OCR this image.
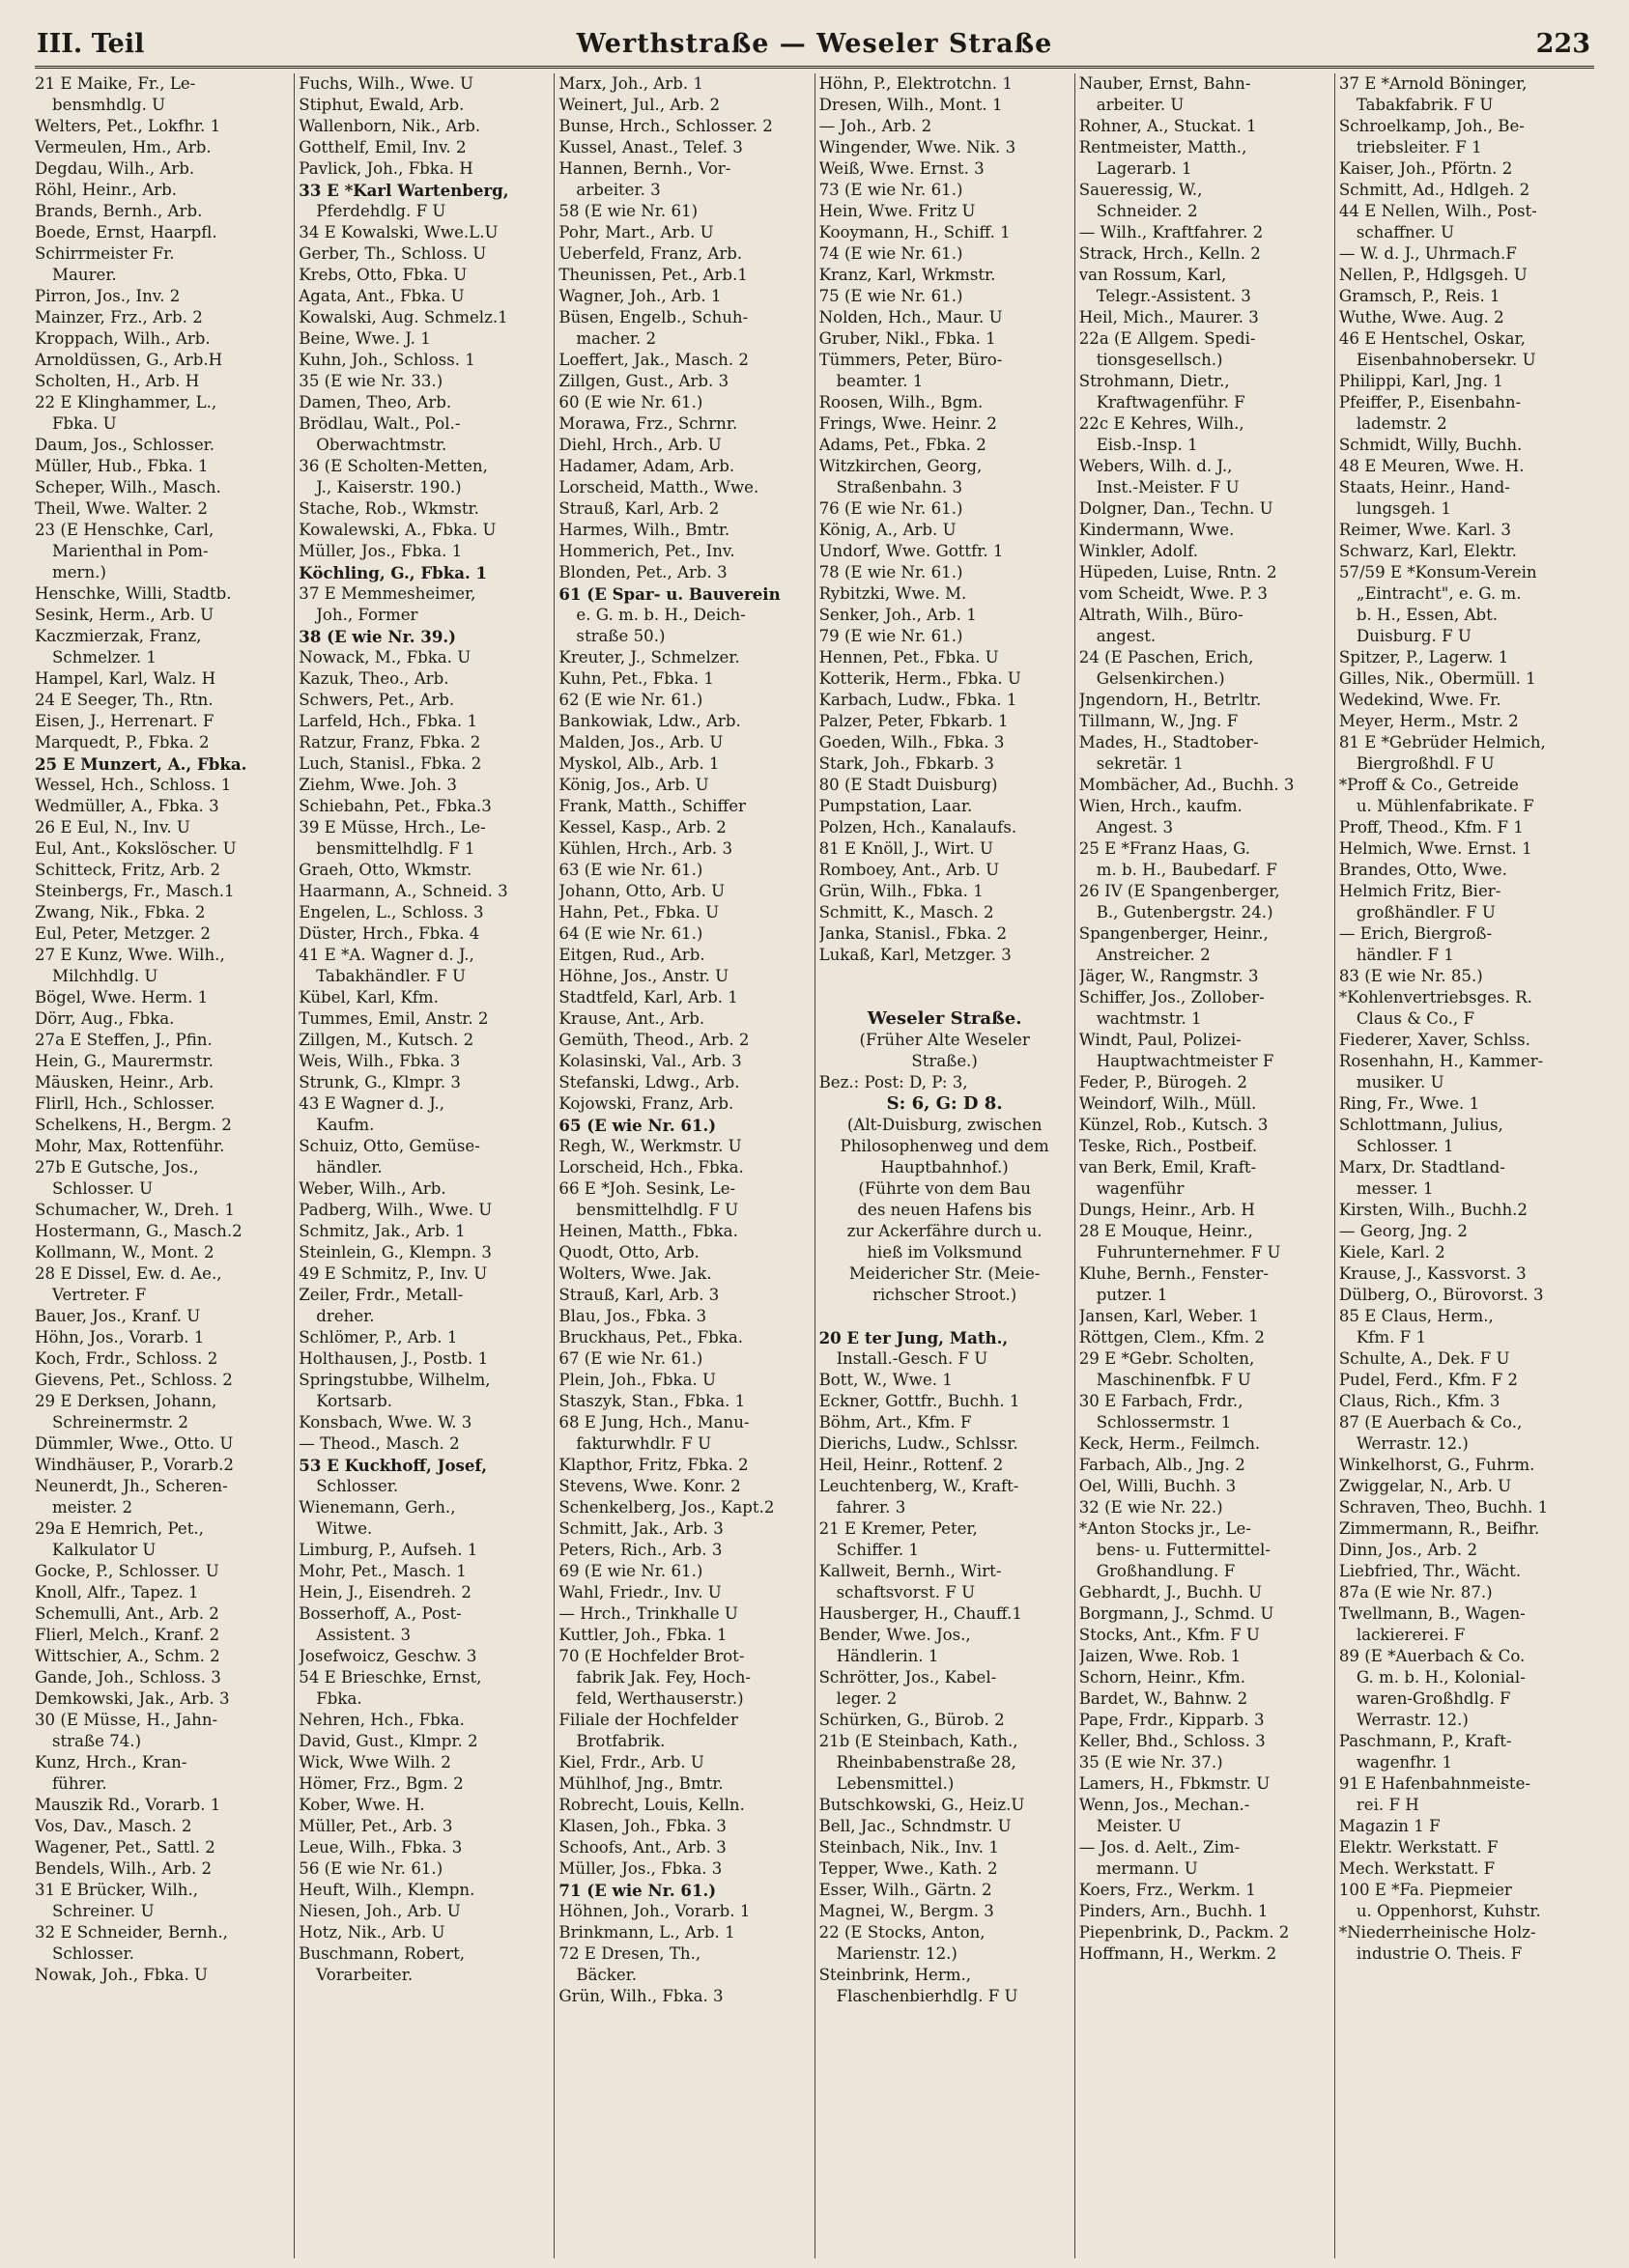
III. Teil	Werthstraße — Weseler Straße	223
21 E Maike, Fr., Le-
bensmhdlg. U
Welters, Pet., Lokfhr. 1
Vermeulen, Hm., Arb.
Degdau, Wilh., Arb.
Röhl, Heinr., Arb.
Brands, Bernh., Arb.
Boede, Ernst, Haarpfl.
Schirrmeister Fr.
Maurer.
Pirron, Jos., Inv. 2
Mainzer, Frz., Arb. 2
Kroppach, Wilh., Arb.
Arnoldüssen, G., Arb.H
Scholten, H., Arb. H
22 E Klinghammer, L.,
Fbka. U
Daum, Jos., Schlosser.
Müller, Hub., Fbka. 1
Scheper, Wilh., Masch.
Theil, Wwe. Walter. 2
23 (E Henschke, Carl,
Marienthal in Pom-
mern.)
Henschke, Willi, Stadtb.
Sesink, Herm., Arb. U
Kaczmierzak, Franz,
Schmelzer. 1
Hampel, Karl, Walz. H
24 E Seeger, Th., Rtn.
Eisen, J., Herrenart. F
Marquedt, P., Fbka. 2
25 E Munzert, A., Fbka.
Wessel, Hch., Schloss. 1
Wedmüller, A., Fbka. 3
26 E Eul, N., Inv. U
Eul, Ant., Kokslöscher. U
Schitteck, Fritz, Arb. 2
Steinbergs, Fr., Masch.1
Zwang, Nik., Fbka. 2
Eul, Peter, Metzger. 2
27 E Kunz, Wwe. Wilh.,
Milchhdlg. U
Bögel, Wwe. Herm. 1
Dörr, Aug., Fbka.
27a E Steffen, J., Pfin.
Hein, G., Maurermstr.
Mäusken, Heinr., Arb.
Flirll, Hch., Schlosser.
Schelkens, H., Bergm. 2
Mohr, Max, Rottenführ.
27b E Gutsche, Jos.,
Schlosser. U
Schumacher, W., Dreh. 1
Hostermann, G., Masch.2
Kollmann, W., Mont. 2
28 E Dissel, Ew. d. Ae.,
Vertreter. F
Bauer, Jos., Kranf. U
Höhn, Jos., Vorarb. 1
Koch, Frdr., Schloss. 2
Gievens, Pet., Schloss. 2
29 E Derksen, Johann,
Schreinermstr. 2
Dümmler, Wwe., Otto. U
Windhäuser, P., Vorarb.2
Neunerdt, Jh., Scheren-
meister. 2
29a E Hemrich, Pet.,
Kalkulator U
Gocke, P., Schlosser. U
Knoll, Alfr., Tapez. 1
Schemulli, Ant., Arb. 2
Flierl, Melch., Kranf. 2
Wittschier, A., Schm. 2
Gande, Joh., Schloss. 3
Demkowski, Jak., Arb. 3
30 (E Müsse, H., Jahn-
straße 74.)
Kunz, Hrch., Kran-
führer.
Mauszik Rd., Vorarb. 1
Vos, Dav., Masch. 2
Wagener, Pet., Sattl. 2
Bendels, Wilh., Arb. 2
31 E Brücker, Wilh.,
Schreiner. U
32 E Schneider, Bernh.,
Schlosser.
Nowak, Joh., Fbka. U
Fuchs, Wilh., Wwe. U
Stiphut, Ewald, Arb.
Wallenborn, Nik., Arb.
Gotthelf, Emil, Inv. 2
Pavlick, Joh., Fbka. H
33 E *Karl Wartenberg,
Pferdehdlg. F U
34 E Kowalski, Wwe.L.U
Gerber, Th., Schloss. U
Krebs, Otto, Fbka. U
Agata, Ant., Fbka. U
Kowalski, Aug. Schmelz.1
Beine, Wwe. J. 1
Kuhn, Joh., Schloss. 1
35 (E wie Nr. 33.)
Damen, Theo, Arb.
Brödlau, Walt., Pol.-
Oberwachtmstr.
36 (E Scholten-Metten,
J., Kaiserstr. 190.)
Stache, Rob., Wkmstr.
Kowalewski, A., Fbka. U
Müller, Jos., Fbka. 1
Köchling, G., Fbka. 1
37 E Memmesheimer,
Joh., Former
38 (E wie Nr. 39.)
Nowack, M., Fbka. U
Kazuk, Theo., Arb.
Schwers, Pet., Arb.
Larfeld, Hch., Fbka. 1
Ratzur, Franz, Fbka. 2
Luch, Stanisl., Fbka. 2
Ziehm, Wwe. Joh. 3
Schiebahn, Pet., Fbka.3
39 E Müsse, Hrch., Le-
bensmittelhdlg. F 1
Graeh, Otto, Wkmstr.
Haarmann, A., Schneid. 3
Engelen, L., Schloss. 3
Düster, Hrch., Fbka. 4
41 E *A. Wagner d. J.,
Tabakhändler. F U
Kübel, Karl, Kfm.
Tummes, Emil, Anstr. 2
Zillgen, M., Kutsch. 2
Weis, Wilh., Fbka. 3
Strunk, G., Klmpr. 3
43 E Wagner d. J.,
Kaufm.
Schuiz, Otto, Gemüse-
händler.
Weber, Wilh., Arb.
Padberg, Wilh., Wwe. U
Schmitz, Jak., Arb. 1
Steinlein, G., Klempn. 3
49 E Schmitz, P., Inv. U
Zeiler, Frdr., Metall-
dreher.
Schlömer, P., Arb. 1
Holthausen, J., Postb. 1
Springstubbe, Wilhelm,
Kortsarb.
Konsbach, Wwe. W. 3
— Theod., Masch. 2
53 E Kuckhoff, Josef,
Schlosser.
Wienemann, Gerh.,
Witwe.
Limburg, P., Aufseh. 1
Mohr, Pet., Masch. 1
Hein, J., Eisendreh. 2
Bosserhoff, A., Post-
Assistent. 3
Josefwoicz, Geschw. 3
54 E Brieschke, Ernst,
Fbka.
Nehren, Hch., Fbka.
David, Gust., Klmpr. 2
Wick, Wwe Wilh. 2
Hömer, Frz., Bgm. 2
Kober, Wwe. H.
Müller, Pet., Arb. 3
Leue, Wilh., Fbka. 3
56 (E wie Nr. 61.)
Heuft, Wilh., Klempn.
Niesen, Joh., Arb. U
Hotz, Nik., Arb. U
Buschmann, Robert,
Vorarbeiter.
Marx, Joh., Arb. 1
Weinert, Jul., Arb. 2
Bunse, Hrch., Schlosser. 2
Kussel, Anast., Telef. 3
Hannen, Bernh., Vor-
arbeiter. 3
58 (E wie Nr. 61)
Pohr, Mart., Arb. U
Ueberfeld, Franz, Arb.
Theunissen, Pet., Arb.1
Wagner, Joh., Arb. 1
Büsen, Engelb., Schuh-
macher. 2
Loeffert, Jak., Masch. 2
Zillgen, Gust., Arb. 3
60 (E wie Nr. 61.)
Morawa, Frz., Schrnr.
Diehl, Hrch., Arb. U
Hadamer, Adam, Arb.
Lorscheid, Matth., Wwe.
Strauß, Karl, Arb. 2
Harmes, Wilh., Bmtr.
Hommerich, Pet., Inv.
Blonden, Pet., Arb. 3
61 (E Spar- u. Bauverein
e. G. m. b. H., Deich-
straße 50.)
Kreuter, J., Schmelzer.
Kuhn, Pet., Fbka. 1
62 (E wie Nr. 61.)
Bankowiak, Ldw., Arb.
Malden, Jos., Arb. U
Myskol, Alb., Arb. 1
König, Jos., Arb. U
Frank, Matth., Schiffer
Kessel, Kasp., Arb. 2
Kühlen, Hrch., Arb. 3
63 (E wie Nr. 61.)
Johann, Otto, Arb. U
Hahn, Pet., Fbka. U
64 (E wie Nr. 61.)
Eitgen, Rud., Arb.
Höhne, Jos., Anstr. U
Stadtfeld, Karl, Arb. 1
Krause, Ant., Arb.
Gemüth, Theod., Arb. 2
Kolasinski, Val., Arb. 3
Stefanski, Ldwg., Arb.
Kojowski, Franz, Arb.
65 (E wie Nr. 61.)
Regh, W., Werkmstr. U
Lorscheid, Hch., Fbka.
66 E *Joh. Sesink, Le-
bensmittelhdlg. F U
Heinen, Matth., Fbka.
Quodt, Otto, Arb.
Wolters, Wwe. Jak.
Strauß, Karl, Arb. 3
Blau, Jos., Fbka. 3
Bruckhaus, Pet., Fbka.
67 (E wie Nr. 61.)
Plein, Joh., Fbka. U
Staszyk, Stan., Fbka. 1
68 E Jung, Hch., Manu-
fakturwhdlr. F U
Klapthor, Fritz, Fbka. 2
Stevens, Wwe. Konr. 2
Schenkelberg, Jos., Kapt.2
Schmitt, Jak., Arb. 3
Peters, Rich., Arb. 3
69 (E wie Nr. 61.)
Wahl, Friedr., Inv. U
— Hrch., Trinkhalle U
Kuttler, Joh., Fbka. 1
70 (E Hochfelder Brot-
fabrik Jak. Fey, Hoch-
feld, Werthauserstr.)
Filiale der Hochfelder
Brotfabrik.
Kiel, Frdr., Arb. U
Mühlhof, Jng., Bmtr.
Robrecht, Louis, Kelln.
Klasen, Joh., Fbka. 3
Schoofs, Ant., Arb. 3
Müller, Jos., Fbka. 3
71 (E wie Nr. 61.)
Höhnen, Joh., Vorarb. 1
Brinkmann, L., Arb. 1
72 E Dresen, Th.,
Bäcker.
Grün, Wilh., Fbka. 3
Höhn, P., Elektrotchn. 1
Dresen, Wilh., Mont. 1
— Joh., Arb. 2
Wingender, Wwe. Nik. 3
Weiß, Wwe. Ernst. 3
73 (E wie Nr. 61.)
Hein, Wwe. Fritz U
Kooymann, H., Schiff. 1
74 (E wie Nr. 61.)
Kranz, Karl, Wrkmstr.
75 (E wie Nr. 61.)
Nolden, Hch., Maur. U
Gruber, Nikl., Fbka. 1
Tümmers, Peter, Büro-
beamter. 1
Roosen, Wilh., Bgm.
Frings, Wwe. Heinr. 2
Adams, Pet., Fbka. 2
Witzkirchen, Georg,
Straßenbahn. 3
76 (E wie Nr. 61.)
König, A., Arb. U
Undorf, Wwe. Gottfr. 1
78 (E wie Nr. 61.)
Rybitzki, Wwe. M.
Senker, Joh., Arb. 1
79 (E wie Nr. 61.)
Hennen, Pet., Fbka. U
Kotterik, Herm., Fbka. U
Karbach, Ludw., Fbka. 1
Palzer, Peter, Fbkarb. 1
Goeden, Wilh., Fbka. 3
Stark, Joh., Fbkarb. 3
80 (E Stadt Duisburg)
Pumpstation, Laar.
Polzen, Hch., Kanalaufs.
81 E Knöll, J., Wirt. U
Romboey, Ant., Arb. U
Grün, Wilh., Fbka. 1
Schmitt, K., Masch. 2
Janka, Stanisl., Fbka. 2
Lukaß, Karl, Metzger. 3
Weseler Straße.
(Früher Alte Weseler
Straße.)
Bez.: Post: D, P: 3,
S: 6, G: D 8.
(Alt-Duisburg, zwischen
Philosophenweg und dem
Hauptbahnhof.)
(Führte von dem Bau
des neuen Hafens bis
zur Ackerfähre durch u.
hieß im Volksmund
Meidericher Str. (Meie-
richscher Stroot.)
20 E ter Jung, Math.,
Install.-Gesch. F U
Bott, W., Wwe. 1
Eckner, Gottfr., Buchh. 1
Böhm, Art., Kfm. F
Dierichs, Ludw., Schlssr.
Heil, Heinr., Rottenf. 2
Leuchtenberg, W., Kraft-
fahrer. 3
21 E Kremer, Peter,
Schiffer. 1
Kallweit, Bernh., Wirt-
schaftsvorst. F U
Hausberger, H., Chauff.1
Bender, Wwe. Jos.,
Händlerin. 1
Schrötter, Jos., Kabel-
leger. 2
Schürken, G., Bürob. 2
21b (E Steinbach, Kath.,
Rheinbabenstraße 28,
Lebensmittel.)
Butschkowski, G., Heiz.U
Bell, Jac., Schndmstr. U
Steinbach, Nik., Inv. 1
Tepper, Wwe., Kath. 2
Esser, Wilh., Gärtn. 2
Magnei, W., Bergm. 3
22 (E Stocks, Anton,
Marienstr. 12.)
Steinbrink, Herm.,
Flaschenbierhdlg. F U
Nauber, Ernst, Bahn-
arbeiter. U
Rohner, A., Stuckat. 1
Rentmeister, Matth.,
Lagerarb. 1
Saueressig, W.,
Schneider. 2
— Wilh., Kraftfahrer. 2
Strack, Hrch., Kelln. 2
van Rossum, Karl,
Telegr.-Assistent. 3
Heil, Mich., Maurer. 3
22a (E Allgem. Spedi-
tionsgesellsch.)
Strohmann, Dietr.,
Kraftwagenführ. F
22c E Kehres, Wilh.,
Eisb.-Insp. 1
Webers, Wilh. d. J.,
Inst.-Meister. F U
Dolgner, Dan., Techn. U
Kindermann, Wwe.
Winkler, Adolf.
Hüpeden, Luise, Rntn. 2
vom Scheidt, Wwe. P. 3
Altrath, Wilh., Büro-
angest.
24 (E Paschen, Erich,
Gelsenkirchen.)
Jngendorn, H., Betrltr.
Tillmann, W., Jng. F
Mades, H., Stadtober-
sekretär. 1
Mombächer, Ad., Buchh. 3
Wien, Hrch., kaufm.
Angest. 3
25 E *Franz Haas, G.
m. b. H., Baubedarf. F
26 IV (E Spangenberger,
B., Gutenbergstr. 24.)
Spangenberger, Heinr.,
Anstreicher. 2
Jäger, W., Rangmstr. 3
Schiffer, Jos., Zollober-
wachtmstr. 1
Windt, Paul, Polizei-
Hauptwachtmeister F
Feder, P., Bürogeh. 2
Weindorf, Wilh., Müll.
Künzel, Rob., Kutsch. 3
Teske, Rich., Postbeif.
van Berk, Emil, Kraft-
wagenführ
Dungs, Heinr., Arb. H
28 E Mouque, Heinr.,
Fuhrunternehmer. F U
Kluhe, Bernh., Fenster-
putzer. 1
Jansen, Karl, Weber. 1
Röttgen, Clem., Kfm. 2
29 E *Gebr. Scholten,
Maschinenfbk. F U
30 E Farbach, Frdr.,
Schlossermstr. 1
Keck, Herm., Feilmch.
Farbach, Alb., Jng. 2
Oel, Willi, Buchh. 3
32 (E wie Nr. 22.)
*Anton Stocks jr., Le-
bens- u. Futtermittel-
Großhandlung. F
Gebhardt, J., Buchh. U
Borgmann, J., Schmd. U
Stocks, Ant., Kfm. F U
Jaizen, Wwe. Rob. 1
Schorn, Heinr., Kfm.
Bardet, W., Bahnw. 2
Pape, Frdr., Kipparb. 3
Keller, Bhd., Schloss. 3
35 (E wie Nr. 37.)
Lamers, H., Fbkmstr. U
Wenn, Jos., Mechan.-
Meister. U
— Jos. d. Aelt., Zim-
mermann. U
Koers, Frz., Werkm. 1
Pinders, Arn., Buchh. 1
Piepenbrink, D., Packm. 2
Hoffmann, H., Werkm. 2
37 E *Arnold Böninger,
Tabakfabrik. F U
Schroelkamp, Joh., Be-
triebsleiter. F 1
Kaiser, Joh., Pförtn. 2
Schmitt, Ad., Hdlgeh. 2
44 E Nellen, Wilh., Post-
schaffner. U
— W. d. J., Uhrmach.F
Nellen, P., Hdlgsgeh. U
Gramsch, P., Reis. 1
Wuthe, Wwe. Aug. 2
46 E Hentschel, Oskar,
Eisenbahnobersekr. U
Philippi, Karl, Jng. 1
Pfeiffer, P., Eisenbahn-
lademstr. 2
Schmidt, Willy, Buchh.
48 E Meuren, Wwe. H.
Staats, Heinr., Hand-
lungsgeh. 1
Reimer, Wwe. Karl. 3
Schwarz, Karl, Elektr.
57/59 E *Konsum-Verein
„Eintracht", e. G. m.
b. H., Essen, Abt.
Duisburg. F U
Spitzer, P., Lagerw. 1
Gilles, Nik., Obermüll. 1
Wedekind, Wwe. Fr.
Meyer, Herm., Mstr. 2
81 E *Gebrüder Helmich,
Biergroßhdl. F U
*Proff & Co., Getreide
u. Mühlenfabrikate. F
Proff, Theod., Kfm. F 1
Helmich, Wwe. Ernst. 1
Brandes, Otto, Wwe.
Helmich Fritz, Bier-
großhändler. F U
— Erich, Biergroß-
händler. F 1
83 (E wie Nr. 85.)
*Kohlenvertriebsges. R.
Claus & Co., F
Fiederer, Xaver, Schlss.
Rosenhahn, H., Kammer-
musiker. U
Ring, Fr., Wwe. 1
Schlottmann, Julius,
Schlosser. 1
Marx, Dr. Stadtland-
messer. 1
Kirsten, Wilh., Buchh.2
— Georg, Jng. 2
Kiele, Karl. 2
Krause, J., Kassvorst. 3
Dülberg, O., Bürovorst. 3
85 E Claus, Herm.,
Kfm. F 1
Schulte, A., Dek. F U
Pudel, Ferd., Kfm. F 2
Claus, Rich., Kfm. 3
87 (E Auerbach & Co.,
Werrastr. 12.)
Winkelhorst, G., Fuhrm.
Zwiggelar, N., Arb. U
Schraven, Theo, Buchh. 1
Zimmermann, R., Beifhr.
Dinn, Jos., Arb. 2
Liebfried, Thr., Wächt.
87a (E wie Nr. 87.)
Twellmann, B., Wagen-
lackiererei. F
89 (E *Auerbach & Co.
G. m. b. H., Kolonial-
waren-Großhdlg. F
Werrastr. 12.)
Paschmann, P., Kraft-
wagenfhr. 1
91 E Hafenbahnmeiste-
rei. F H
Magazin 1 F
Elektr. Werkstatt. F
Mech. Werkstatt. F
100 E *Fa. Piepmeier
u. Oppenhorst, Kuhstr.
*Niederrheinische Holz-
industrie O. Theis. F
